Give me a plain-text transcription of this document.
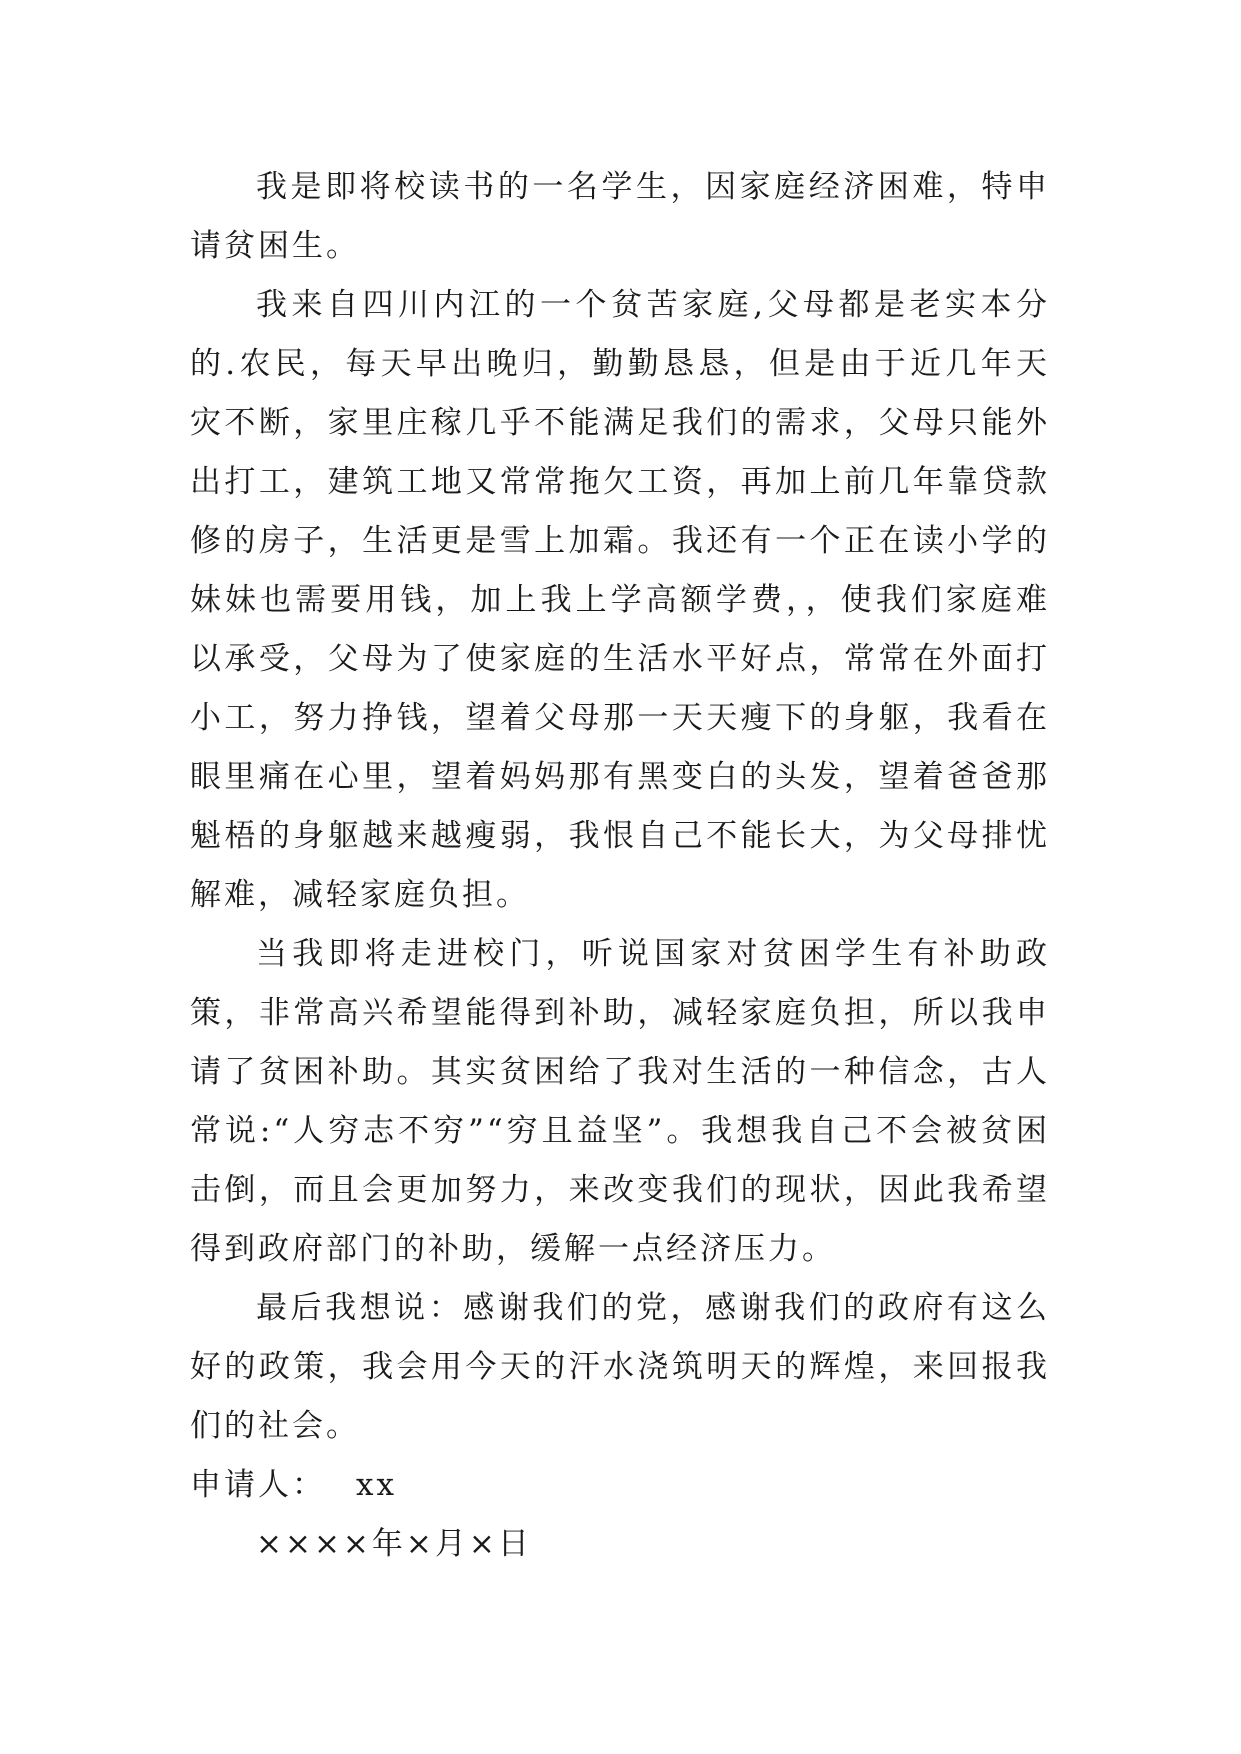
我是即将校读书的一名学生，因家庭经济困难，特申请贫困生。

我来自四川内江的一个贫苦家庭,父母都是老实本分的.农民，每天早出晚归，勤勤恳恳，但是由于近几年天灾不断，家里庄稼几乎不能满足我们的需求，父母只能外出打工，建筑工地又常常拖欠工资，再加上前几年靠贷款修的房子，生活更是雪上加霜。我还有一个正在读小学的妹妹也需要用钱，加上我上学高额学费，，使我们家庭难以承受，父母为了使家庭的生活水平好点，常常在外面打小工，努力挣钱，望着父母那一天天瘦下的身躯，我看在眼里痛在心里，望着妈妈那有黑变白的头发，望着爸爸那魁梧的身躯越来越瘦弱，我恨自己不能长大，为父母排忧解难，减轻家庭负担。

当我即将走进校门，听说国家对贫困学生有补助政策，非常高兴希望能得到补助，减轻家庭负担，所以我申请了贫困补助。其实贫困给了我对生活的一种信念，古人常说:“人穷志不穷”“穷且益坚”。我想我自己不会被贫困击倒，而且会更加努力，来改变我们的现状，因此我希望得到政府部门的补助，缓解一点经济压力。

最后我想说：感谢我们的党，感谢我们的政府有这么好的政策，我会用今天的汗水浇筑明天的辉煌，来回报我们的社会。

申请人： xx

××××年×月×日
